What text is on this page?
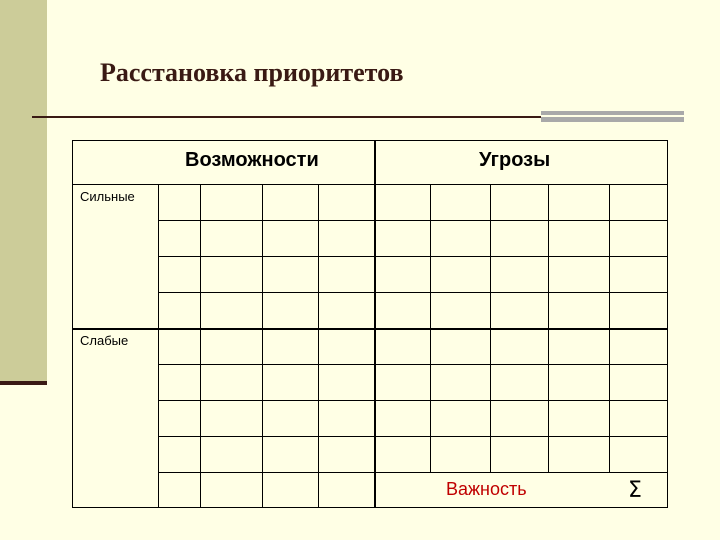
Расстановка приоритетов
Возможности	Угрозы
Сильные
Слабые
Важность	Σ
